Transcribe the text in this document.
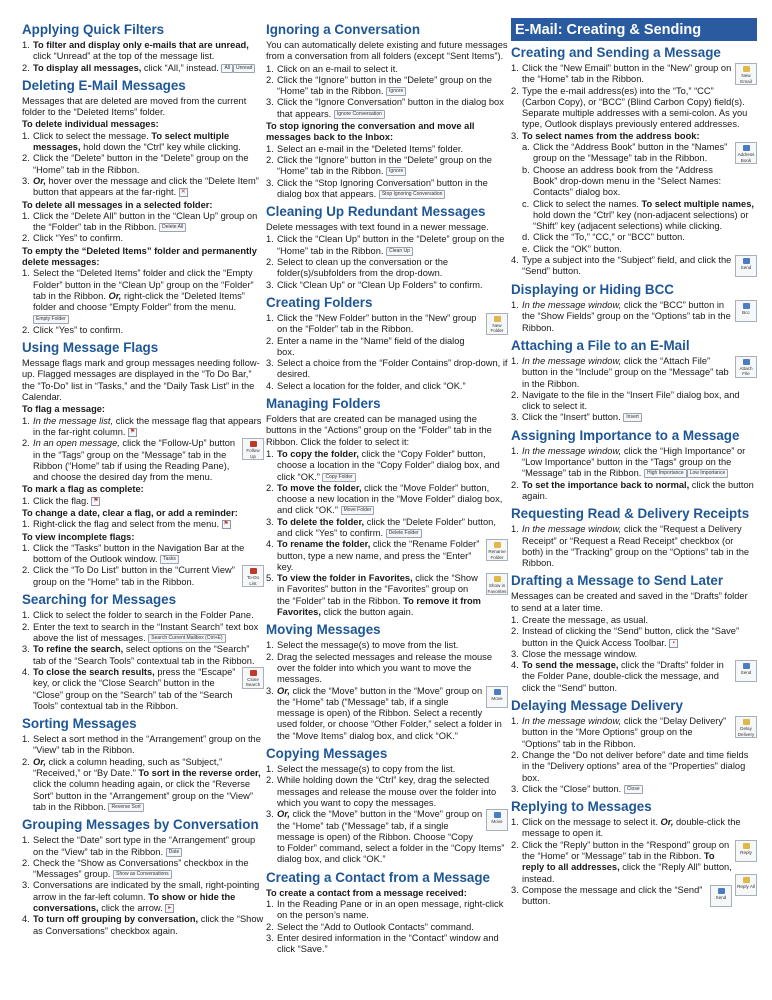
Applying Quick Filters
1. To filter and display only e-mails that are unread, click “Unread” at the top of the message list.
2. To display all messages, click “All,” instead. All Unread
Deleting E-Mail Messages
Messages that are deleted are moved from the current folder to the “Deleted Items” folder.
To delete individual messages:
1. Click to select the message. To select multiple messages, hold down the “Ctrl” key while clicking.
2. Click the “Delete” button in the “Delete” group on the “Home” tab in the Ribbon.
3. Or, hover over the message and click the “Delete Item” button that appears at the far-right. ✕
To delete all messages in a selected folder:
1. Click the “Delete All” button in the “Clean Up” group on the “Folder” tab in the Ribbon. Delete All
2. Click “Yes” to confirm.
To empty the “Deleted Items” folder and permanently delete messages:
1. Select the “Deleted Items” folder and click the “Empty Folder” button in the “Clean Up” group on the “Folder” tab in the Ribbon. Or, right-click the “Deleted Items” folder and choose “Empty Folder” from the menu. Empty Folder
2. Click “Yes” to confirm.
Using Message Flags
Message flags mark and group messages needing follow-up. Flagged messages are displayed in the “To Do Bar,” the “To-Do” list in “Tasks,” and the “Daily Task List” in the Calendar.
To flag a message:
1. In the message list, click the message flag that appears in the far-right column. ⚑
2.
Follow Up
In an open message, click the “Follow-Up” button in the “Tags” group on the “Message” tab in the Ribbon (“Home” tab if using the Reading Pane), and choose the desired day from the menu.
To mark a flag as complete:
1. Click the flag. ⚑
To change a date, clear a flag, or add a reminder:
1. Right-click the flag and select from the menu. ⚑
To view incomplete flags:
1. Click the “Tasks” button in the Navigation Bar at the bottom of the Outlook window. Tasks
2.
To-Do List
Click the “To Do List” button in the “Current View” group on the “Home” tab in the Ribbon.
Searching for Messages
1. Click to select the folder to search in the Folder Pane.
2. Enter the text to search in the “Instant Search” text box above the list of messages. Search Current Mailbox (Ctrl+E)
3. To refine the search, select options on the “Search” tab of the “Search Tools” contextual tab in the Ribbon.
4.
Close Search
To close the search results, press the “Escape” key, or click the “Close Search” button in the “Close” group on the “Search” tab of the “Search Tools” contextual tab in the Ribbon.
Sorting Messages
1. Select a sort method in the “Arrangement” group on the “View” tab in the Ribbon.
2. Or, click a column heading, such as “Subject,” “Received,” or “By Date.” To sort in the reverse order, click the column heading again, or click the “Reverse Sort” button in the “Arrangement” group on the “View” tab in the Ribbon. Reverse Sort
Grouping Messages by Conversation
1. Select the “Date” sort type in the “Arrangement” group on the “View” tab in the Ribbon. Date
2. Check the “Show as Conversations” checkbox in the “Messages” group. Show as Conversations
3. Conversations are indicated by the small, right-pointing arrow in the far-left column. To show or hide the conversations, click the arrow. ▸
4. To turn off grouping by conversation, click the “Show as Conversations” checkbox again.
Ignoring a Conversation
You can automatically delete existing and future messages from a conversation from all folders (except “Sent Items”).
1. Click on an e-mail to select it.
2. Click the “Ignore” button in the “Delete” group on the “Home” tab in the Ribbon. Ignore
3. Click the “Ignore Conversation” button in the dialog box that appears. Ignore Conversation
To stop ignoring the conversation and move all messages back to the Inbox:
1. Select an e-mail in the “Deleted Items” folder.
2. Click the “Ignore” button in the “Delete” group on the “Home” tab in the Ribbon. Ignore
3. Click the “Stop Ignoring Conversation” button in the dialog box that appears. Stop Ignoring Conversation
Cleaning Up Redundant Messages
Delete messages with text found in a newer message.
1. Click the “Clean Up” button in the “Delete” group on the “Home” tab in the Ribbon. Clean Up
2. Select to clean up the conversation or the folder(s)/subfolders from the drop-down.
3. Click “Clean Up” or “Clean Up Folders” to confirm.
Creating Folders
1.
New Folder
Click the “New Folder” button in the “New” group on the “Folder” tab in the Ribbon.
2. Enter a name in the “Name” field of the dialog box.
3. Select a choice from the “Folder Contains” drop-down, if desired.
4. Select a location for the folder, and click “OK.”
Managing Folders
Folders that are created can be managed using the buttons in the “Actions” group on the “Folder” tab in the Ribbon. Click the folder to select it:
1. To copy the folder, click the “Copy Folder” button, choose a location in the “Copy Folder” dialog box, and click “OK.” Copy Folder
2. To move the folder, click the “Move Folder” button, choose a new location in the “Move Folder” dialog box, and click “OK.” Move Folder
3. To delete the folder, click the “Delete Folder” button, and click “Yes” to confirm. Delete Folder
4.
Rename Folder
To rename the folder, click the “Rename Folder” button, type a new name, and press the “Enter” key.
5.
Show in Favorites
To view the folder in Favorites, click the “Show in Favorites” button in the “Favorites” group on the “Folder” tab in the Ribbon. To remove it from Favorites, click the button again.
Moving Messages
1. Select the message(s) to move from the list.
2. Drag the selected messages and release the mouse over the folder into which you want to move the messages.
3.
Move
Or, click the “Move” button in the “Move” group on the “Home” tab (“Message” tab, if a single message is open) of the Ribbon. Select a recently used folder, or choose “Other Folder,” select a folder in the “Move Items” dialog box, and click “OK.”
Copying Messages
1. Select the message(s) to copy from the list.
2. While holding down the “Ctrl” key, drag the selected messages and release the mouse over the folder into which you want to copy the messages.
3.
Move
Or, click the “Move” button in the “Move” group on the “Home” tab (“Message” tab, if a single message is open) of the Ribbon. Choose “Copy to Folder” command, select a folder in the “Copy Items” dialog box, and click “OK.”
Creating a Contact from a Message
To create a contact from a message received:
1. In the Reading Pane or in an open message, right-click on the person’s name.
2. Select the “Add to Outlook Contacts” command.
3. Enter desired information in the “Contact” window and click “Save.”
E-Mail: Creating & Sending
Creating and Sending a Message
1.
New Email
Click the “New Email” button in the “New” group on the “Home” tab in the Ribbon.
2. Type the e-mail address(es) into the “To,” “CC” (Carbon Copy), or “BCC” (Blind Carbon Copy) field(s). Separate multiple addresses with a semi-colon. As you type, Outlook displays previously entered addresses.
3. To select names from the address book:
a.
Address Book
Click the “Address Book” button in the “Names” group on the “Message” tab in the Ribbon.
b. Choose an address book from the “Address Book” drop-down menu in the “Select Names: Contacts” dialog box.
c. Click to select the names. To select multiple names, hold down the “Ctrl” key (non-adjacent selections) or “Shift” key (adjacent selections) while clicking.
d. Click the “To,” “CC,” or “BCC” button.
e. Click the “OK” button.
4.
Send
Type a subject into the “Subject” field, and click the “Send” button.
Displaying or Hiding BCC
1.
Bcc
In the message window, click the “BCC” button in the “Show Fields” group on the “Options” tab in the Ribbon.
Attaching a File to an E-Mail
1.
Attach File
In the message window, click the “Attach File” button in the “Include” group on the “Message” tab in the Ribbon.
2. Navigate to the file in the “Insert File” dialog box, and click to select it.
3. Click the “Insert” button. Insert
Assigning Importance to a Message
1. In the message window, click the “High Importance” or “Low Importance” button in the “Tags” group on the “Message” tab in the Ribbon. High Importance Low Importance
2. To set the importance back to normal, click the button again.
Requesting Read & Delivery Receipts
1. In the message window, click the “Request a Delivery Receipt” or “Request a Read Receipt” checkbox (or both) in the “Tracking” group on the “Options” tab in the Ribbon.
Drafting a Message to Send Later
Messages can be created and saved in the “Drafts” folder to send at a later time.
1. Create the message, as usual.
2. Instead of clicking the “Send” button, click the “Save” button in the Quick Access Toolbar. ▪
3. Close the message window.
4.
Send
To send the message, click the “Drafts” folder in the Folder Pane, double-click the message, and click the “Send” button.
Delaying Message Delivery
1.
Delay Delivery
In the message window, click the “Delay Delivery” button in the “More Options” group on the “Options” tab in the Ribbon.
2. Change the “Do not deliver before” date and time fields in the “Delivery options” area of the “Properties” dialog box.
3. Click the “Close” button. Close
Replying to Messages
1. Click on the message to select it. Or, double-click the message to open it.
2.
Reply
Click the “Reply” button in the “Respond” group on the “Home” or “Message” tab in the Ribbon. To reply to all addresses, click the “Reply All” button, instead.
Reply All
3.
Send
Compose the message and click the “Send” button.
